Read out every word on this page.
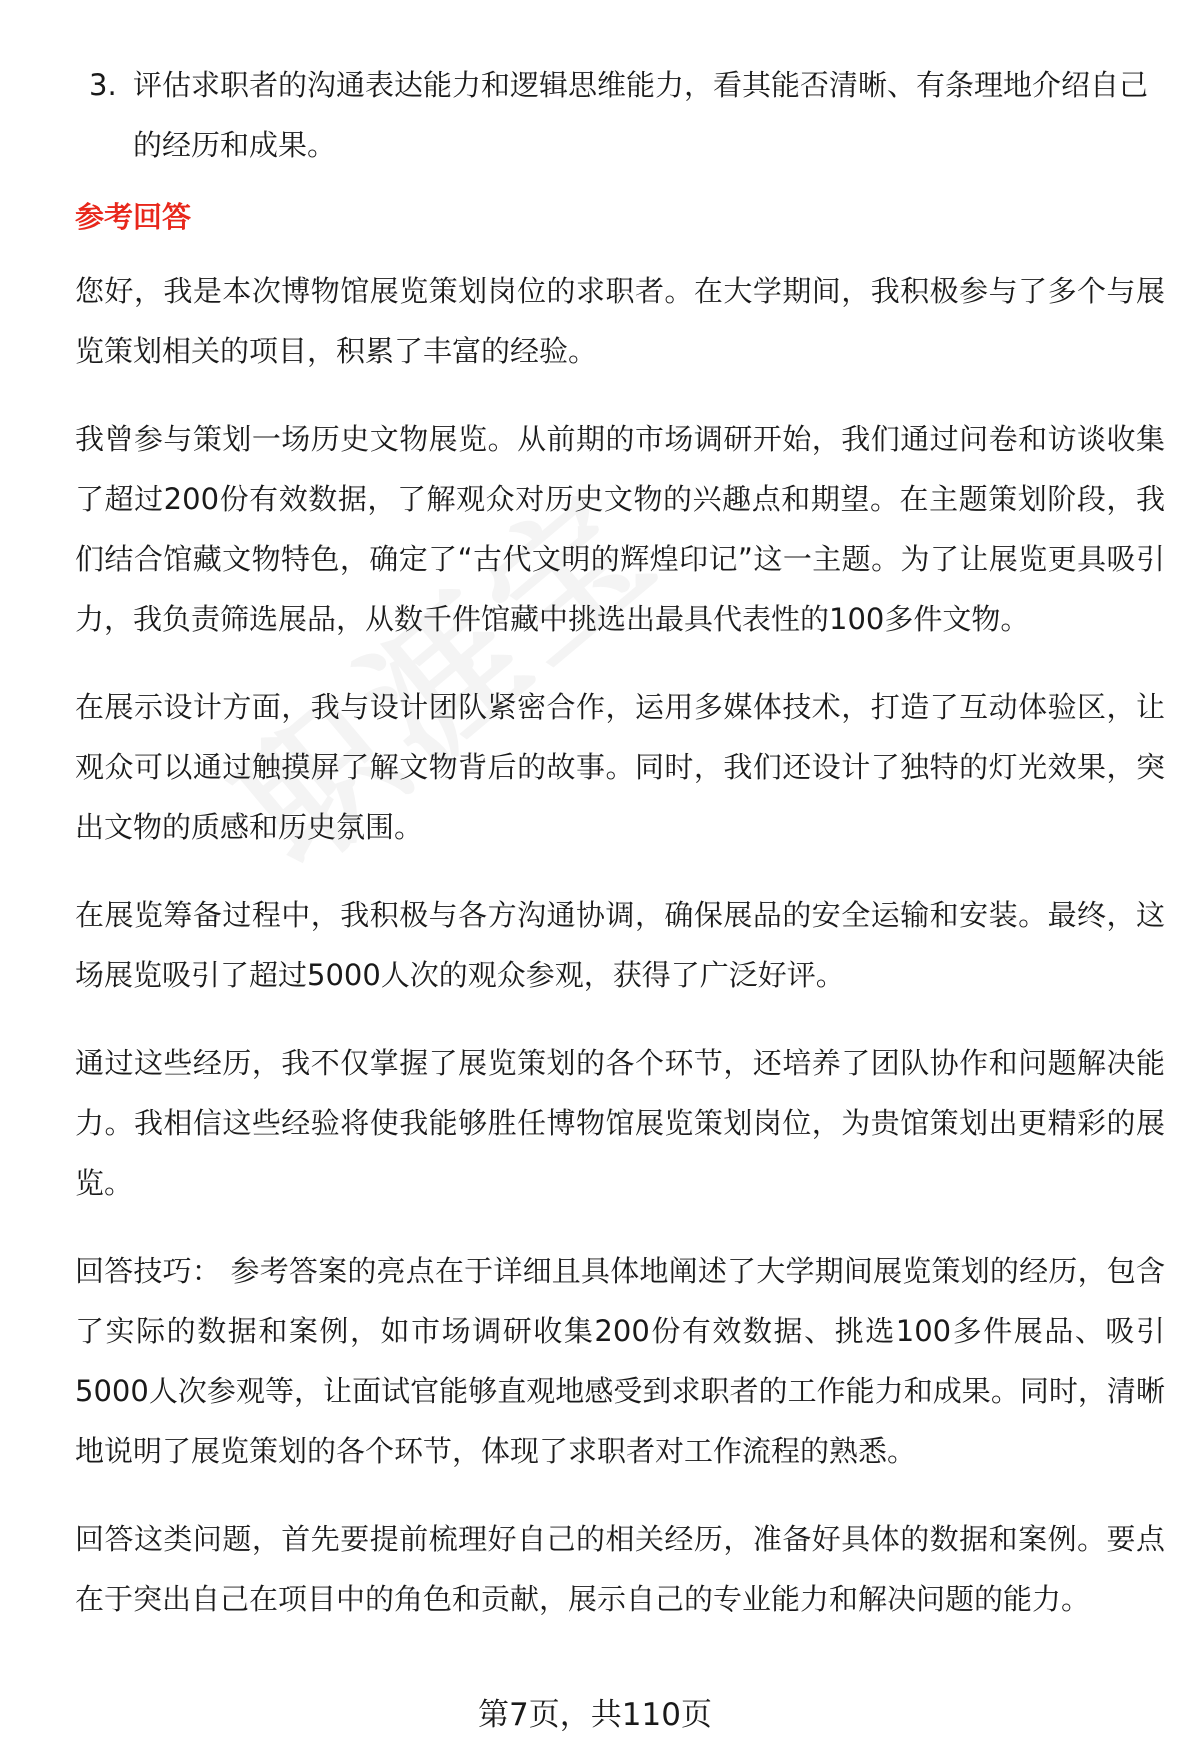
3. 评估求职者的沟通表达能力和逻辑思维能力，看其能否清晰、有条理地介绍自己的经历和成果。
参考回答

您好，我是本次博物馆展览策划岗位的求职者。在大学期间，我积极参与了多个与展览策划相关的项目，积累了丰富的经验。

我曾参与策划一场历史文物展览。从前期的市场调研开始，我们通过问卷和访谈收集了超过200份有效数据，了解观众对历史文物的兴趣点和期望。在主题策划阶段，我们结合馆藏文物特色，确定了“古代文明的辉煌印记”这一主题。为了让展览更具吸引力，我负责筛选展品，从数千件馆藏中挑选出最具代表性的100多件文物。

在展示设计方面，我与设计团队紧密合作，运用多媒体技术，打造了互动体验区，让观众可以通过触摸屏了解文物背后的故事。同时，我们还设计了独特的灯光效果，突出文物的质感和历史氛围。

在展览筹备过程中，我积极与各方沟通协调，确保展品的安全运输和安装。最终，这场展览吸引了超过5000人次的观众参观，获得了广泛好评。

通过这些经历，我不仅掌握了展览策划的各个环节，还培养了团队协作和问题解决能力。我相信这些经验将使我能够胜任博物馆展览策划岗位，为贵馆策划出更精彩的展览。

回答技巧： 参考答案的亮点在于详细且具体地阐述了大学期间展览策划的经历，包含了实际的数据和案例，如市场调研收集200份有效数据、挑选100多件展品、吸引5000人次参观等，让面试官能够直观地感受到求职者的工作能力和成果。同时，清晰地说明了展览策划的各个环节，体现了求职者对工作流程的熟悉。

回答这类问题，首先要提前梳理好自己的相关经历，准备好具体的数据和案例。要点在于突出自己在项目中的角色和贡献，展示自己的专业能力和解决问题的能力。

第7页，共110页
